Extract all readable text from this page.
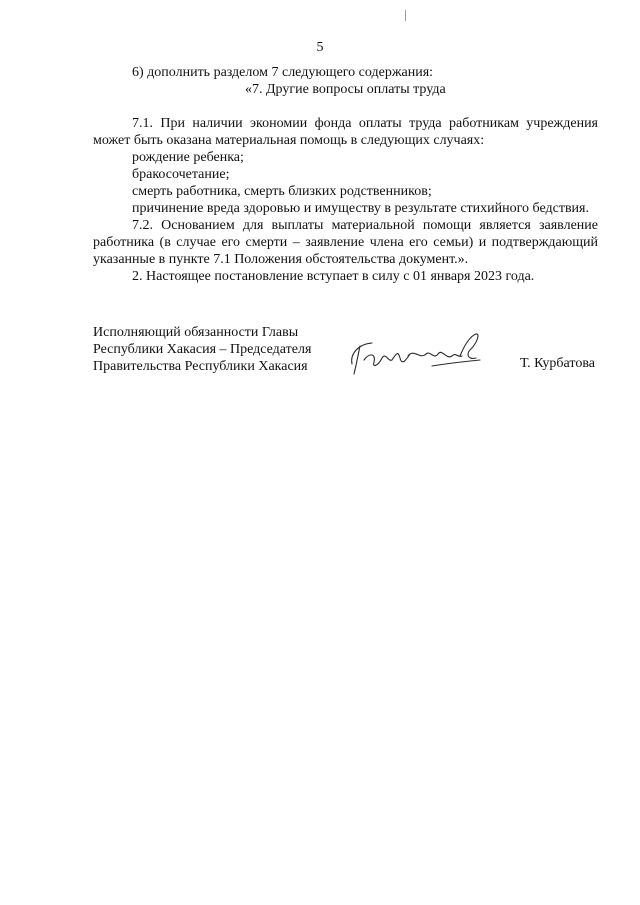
5
6) дополнить разделом 7 следующего содержания:
«7. Другие вопросы оплаты труда
7.1. При наличии экономии фонда оплаты труда работникам учреждения
может быть оказана материальная помощь в следующих случаях:
рождение ребенка;
бракосочетание;
смерть работника, смерть близких родственников;
причинение вреда здоровью и имуществу в результате стихийного бедствия.
7.2. Основанием для выплаты материальной помощи является заявление
работника (в случае его смерти – заявление члена его семьи) и подтверждающий
указанные в пункте 7.1 Положения обстоятельства документ.».
2. Настоящее постановление вступает в силу с 01 января 2023 года.
Исполняющий обязанности Главы
Республики Хакасия – Председателя
Правительства Республики Хакасия	Т. Курбатова
